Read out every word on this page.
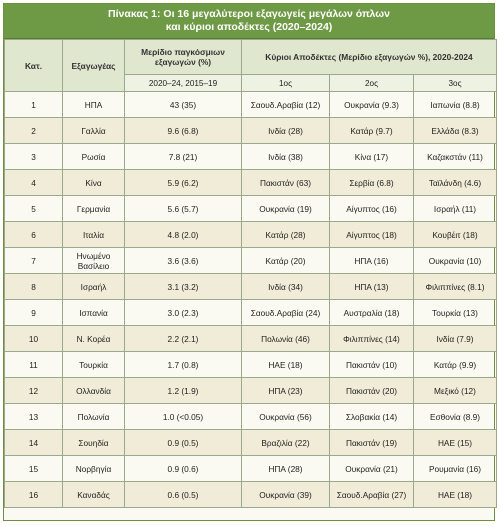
Πίνακας 1: Οι 16 μεγαλύτεροι εξαγωγείς μεγάλων όπλων
και κύριοι αποδέκτες (2020–2024)
Κατ.	Εξαγωγέας	Μερίδιο παγκόσμιων εξαγωγών (%)	Κύριοι Αποδέκτες (Μερίδιο εξαγωγών %), 2020-2024		
		2020–24, 2015–19	1ος	2ος	3ος
1	ΗΠΑ	43 (35)	Σαουδ.Αραβία (12)	Ουκρανία (9.3)	Ιαπωνία (8.8)
2	Γαλλία	9.6 (6.8)	Ινδία (28)	Κατάρ (9.7)	Ελλάδα (8.3)
3	Ρωσία	7.8 (21)	Ινδία (38)	Κίνα (17)	Καζακστάν (11)
4	Κίνα	5.9 (6.2)	Πακιστάν (63)	Σερβία (6.8)	Ταϊλάνδη (4.6)
5	Γερμανία	5.6 (5.7)	Ουκρανία (19)	Αίγυπτος (16)	Ισραήλ (11)
6	Ιταλία	4.8 (2.0)	Κατάρ (28)	Αίγυπτος (18)	Κουβέιτ (18)
7	Ηνωμένο Βασίλειο	3.6 (3.6)	Κατάρ (20)	ΗΠΑ (16)	Ουκρανία (10)
8	Ισραήλ	3.1 (3.2)	Ινδία (34)	ΗΠΑ (13)	Φιλιππίνες (8.1)
9	Ισπανία	3.0 (2.3)	Σαουδ.Αραβία (24)	Αυστραλία (18)	Τουρκία (13)
10	Ν. Κορέα	2.2 (2.1)	Πολωνία (46)	Φιλιππίνες (14)	Ινδία (7.9)
11	Τουρκία	1.7 (0.8)	ΗΑΕ (18)	Πακιστάν (10)	Κατάρ (9.9)
12	Ολλανδία	1.2 (1.9)	ΗΠΑ (23)	Πακιστάν (20)	Μεξικό (12)
13	Πολωνία	1.0 (<0.05)	Ουκρανία (56)	Σλοβακία (14)	Εσθονία (8.9)
14	Σουηδία	0.9 (0.5)	Βραζιλία (22)	Πακιστάν (19)	ΗΑΕ (15)
15	Νορβηγία	0.9 (0.6)	ΗΠΑ (28)	Ουκρανία (21)	Ρουμανία (16)
16	Καναδάς	0.6 (0.5)	Ουκρανία (39)	Σαουδ.Αραβία (27)	ΗΑΕ (18)
